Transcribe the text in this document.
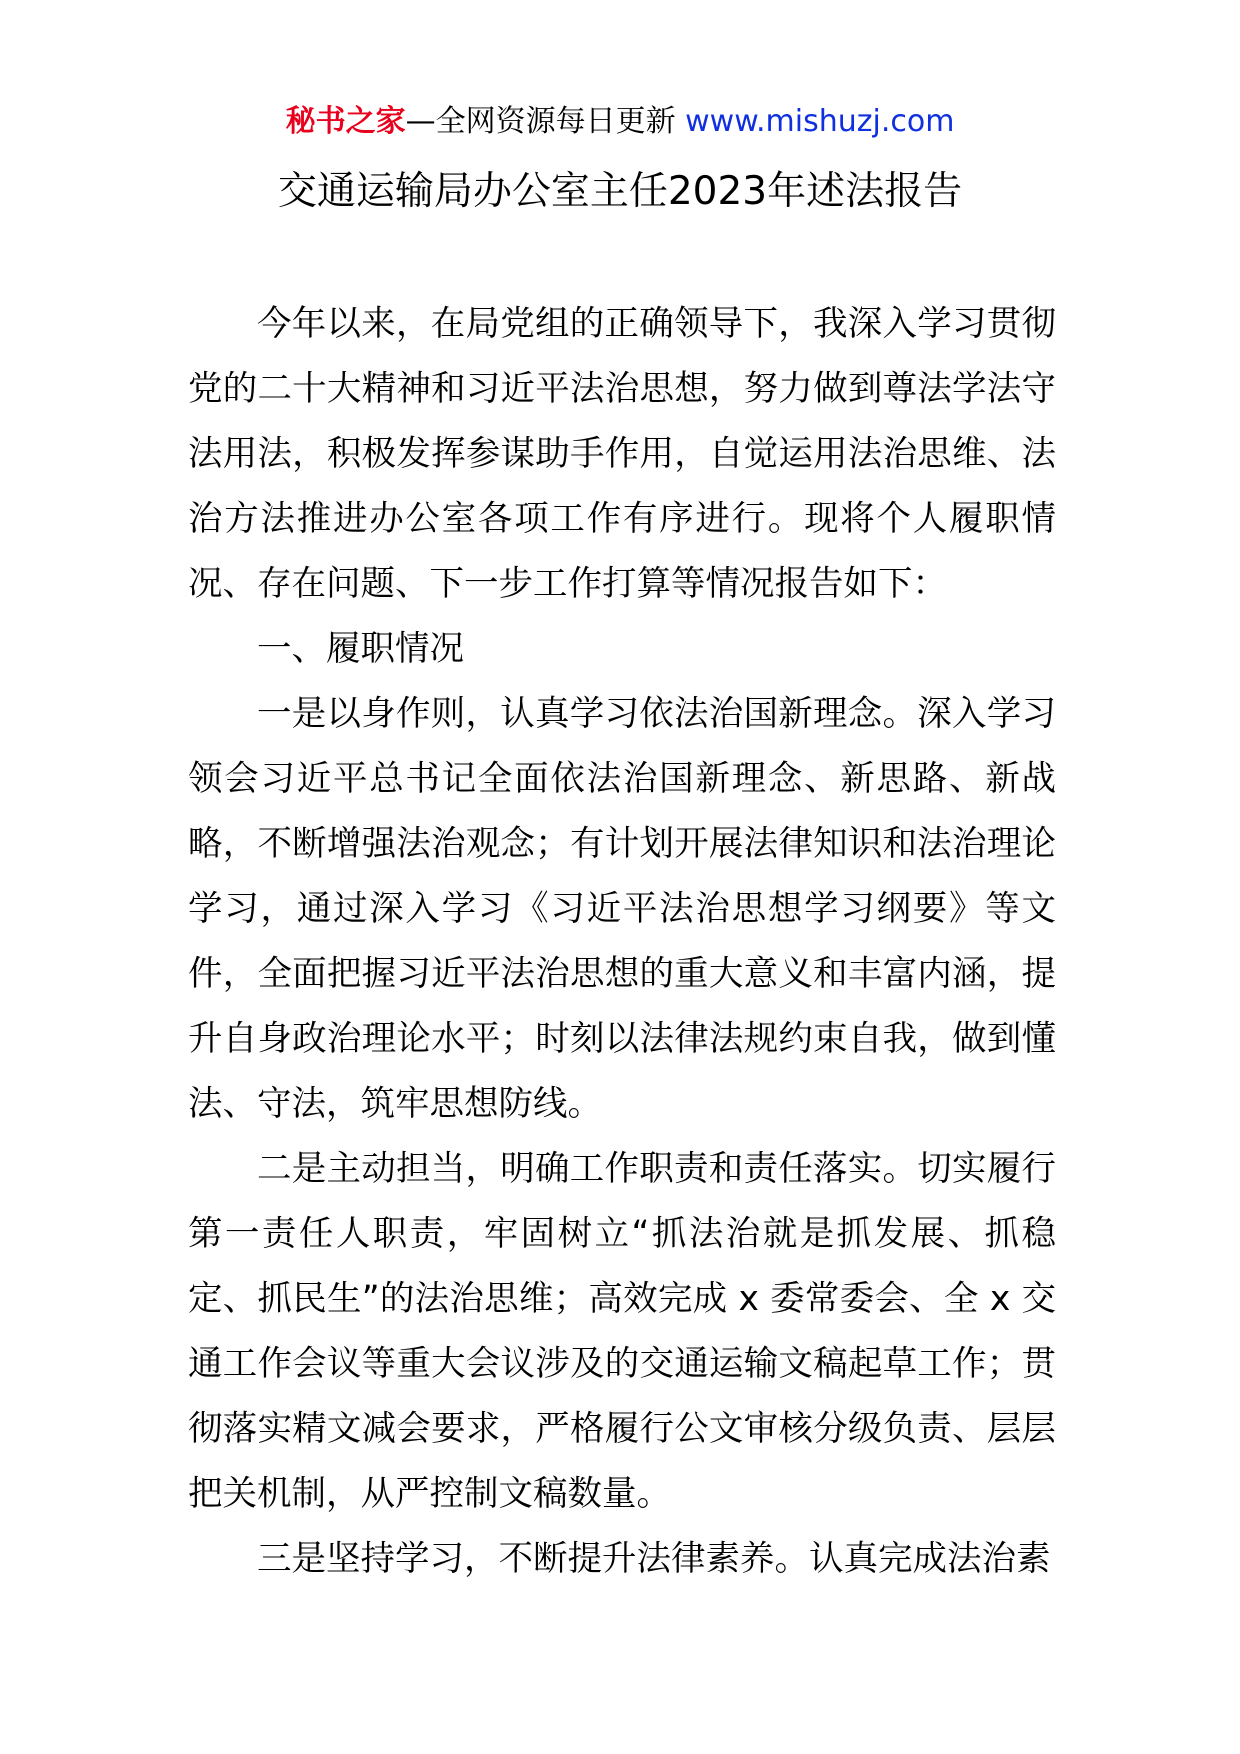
秘书之家—全网资源每日更新 www.mishuzj.com
交通运输局办公室主任2023年述法报告

今年以来，在局党组的正确领导下，我深入学习贯彻党的二十大精神和习近平法治思想，努力做到尊法学法守法用法，积极发挥参谋助手作用，自觉运用法治思维、法治方法推进办公室各项工作有序进行。现将个人履职情况、存在问题、下一步工作打算等情况报告如下：

一、履职情况

一是以身作则，认真学习依法治国新理念。深入学习领会习近平总书记全面依法治国新理念、新思路、新战略，不断增强法治观念；有计划开展法律知识和法治理论学习，通过深入学习《习近平法治思想学习纲要》等文件，全面把握习近平法治思想的重大意义和丰富内涵，提升自身政治理论水平；时刻以法律法规约束自我，做到懂法、守法，筑牢思想防线。

二是主动担当，明确工作职责和责任落实。切实履行第一责任人职责，牢固树立“抓法治就是抓发展、抓稳定、抓民生”的法治思维；高效完成 x 委常委会、全 x 交通工作会议等重大会议涉及的交通运输文稿起草工作；贯彻落实精文减会要求，严格履行公文审核分级负责、层层把关机制，从严控制文稿数量。

三是坚持学习，不断提升法律素养。认真完成法治素
